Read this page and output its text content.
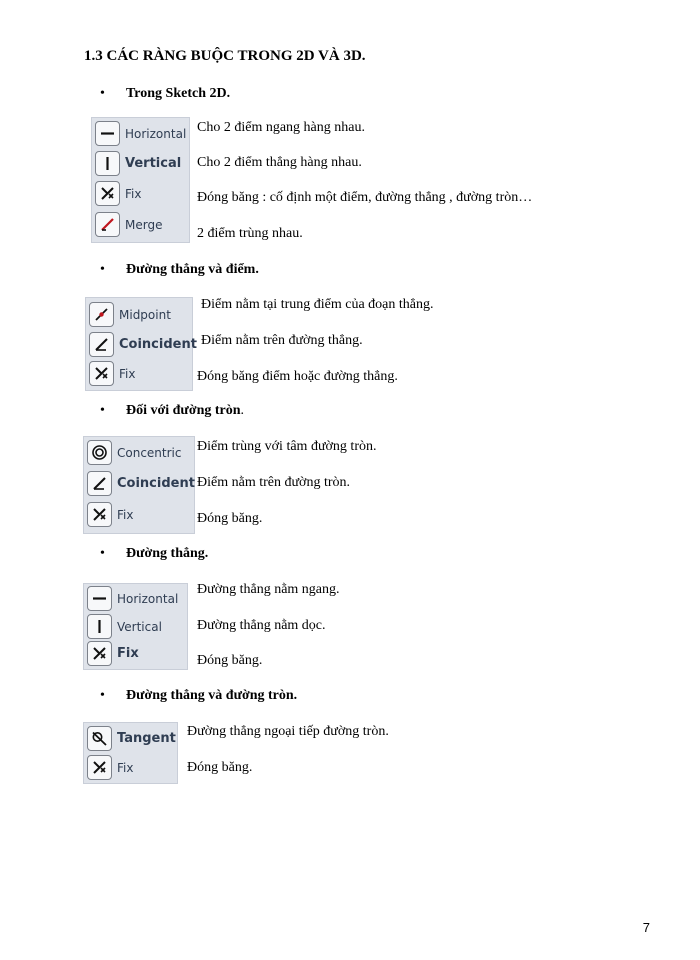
1.3 CÁC RÀNG BUỘC TRONG 2D VÀ 3D.
• Trong Sketch 2D.
Horizontal
Vertical
Fix
Merge
Cho 2 điểm ngang hàng nhau.
Cho 2 điểm thẳng hàng nhau.
Đóng băng : cố định một điểm, đường thẳng , đường tròn…
2 điểm trùng nhau.
• Đường thẳng và điểm.
Midpoint
Coincident
Fix
Điểm nằm tại trung điểm của đoạn thẳng.
Điểm nằm trên đường thẳng.
Đóng băng điểm hoặc đường thẳng.
• Đối với đường tròn.
Concentric
Coincident
Fix
Điểm trùng với tâm đường tròn.
Điểm nằm trên đường tròn.
Đóng băng.
• Đường thẳng.
Horizontal
Vertical
Fix
Đường thẳng nằm ngang.
Đường thẳng nằm dọc.
Đóng băng.
• Đường thẳng và đường tròn.
Tangent
Fix
Đường thẳng ngoại tiếp đường tròn.
Đóng băng.
7
